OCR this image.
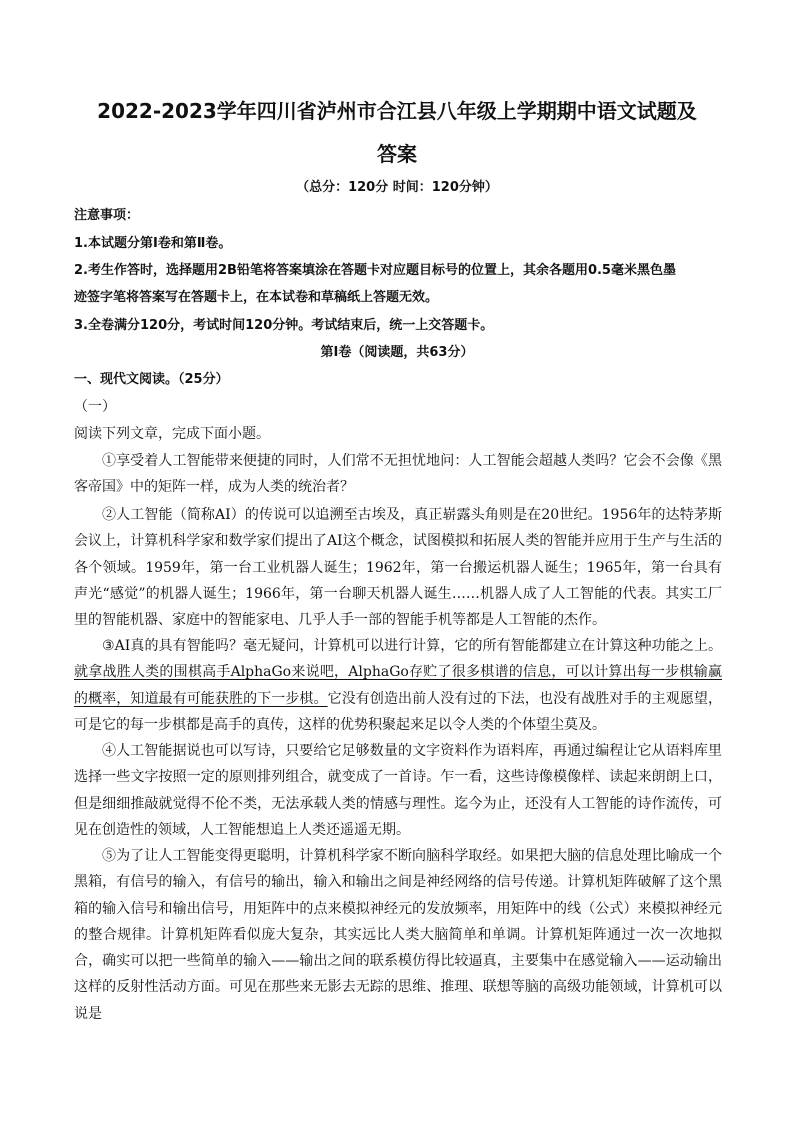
2022-2023学年四川省泸州市合江县八年级上学期期中语文试题及
答案
（总分：120分 时间：120分钟）
注意事项：
1.本试题分第Ⅰ卷和第Ⅱ卷。
2.考生作答时，选择题用2B铅笔将答案填涂在答题卡对应题目标号的位置上，其余各题用0.5毫米黑色墨
迹签字笔将答案写在答题卡上，在本试卷和草稿纸上答题无效。
3.全卷满分120分，考试时间120分钟。考试结束后，统一上交答题卡。
第Ⅰ卷（阅读题，共63分）
一、现代文阅读。（25分）
（一）
阅读下列文章，完成下面小题。
①享受着人工智能带来便捷的同时，人们常不无担忧地问：人工智能会超越人类吗？它会不会像《黑客帝国》中的矩阵一样，成为人类的统治者？
②人工智能（简称AI）的传说可以追溯至古埃及，真正崭露头角则是在20世纪。1956年的达特茅斯会议上，计算机科学家和数学家们提出了AI这个概念，试图模拟和拓展人类的智能并应用于生产与生活的各个领域。1959年，第一台工业机器人诞生；1962年，第一台搬运机器人诞生；1965年，第一台具有声光“感觉”的机器人诞生；1966年，第一台聊天机器人诞生……机器人成了人工智能的代表。其实工厂里的智能机器、家庭中的智能家电、几乎人手一部的智能手机等都是人工智能的杰作。
③AI真的具有智能吗？毫无疑问，计算机可以进行计算，它的所有智能都建立在计算这种功能之上。就拿战胜人类的围棋高手AlphaGo来说吧，AlphaGo存贮了很多棋谱的信息，可以计算出每一步棋输赢的概率，知道最有可能获胜的下一步棋。它没有创造出前人没有过的下法，也没有战胜对手的主观愿望，可是它的每一步棋都是高手的真传，这样的优势积聚起来足以令人类的个体望尘莫及。
④人工智能据说也可以写诗，只要给它足够数量的文字资料作为语料库，再通过编程让它从语料库里选择一些文字按照一定的原则排列组合，就变成了一首诗。乍一看，这些诗像模像样、读起来朗朗上口，但是细细推敲就觉得不伦不类，无法承载人类的情感与理性。迄今为止，还没有人工智能的诗作流传，可见在创造性的领域，人工智能想追上人类还遥遥无期。
⑤为了让人工智能变得更聪明，计算机科学家不断向脑科学取经。如果把大脑的信息处理比喻成一个黑箱，有信号的输入，有信号的输出，输入和输出之间是神经网络的信号传递。计算机矩阵破解了这个黑箱的输入信号和输出信号，用矩阵中的点来模拟神经元的发放频率，用矩阵中的线（公式）来模拟神经元的整合规律。计算机矩阵看似庞大复杂，其实远比人类大脑简单和单调。计算机矩阵通过一次一次地拟合，确实可以把一些简单的输入——输出之间的联系模仿得比较逼真，主要集中在感觉输入——运动输出这样的反射性活动方面。可见在那些来无影去无踪的思维、推理、联想等脑的高级功能领域，计算机可以说是
